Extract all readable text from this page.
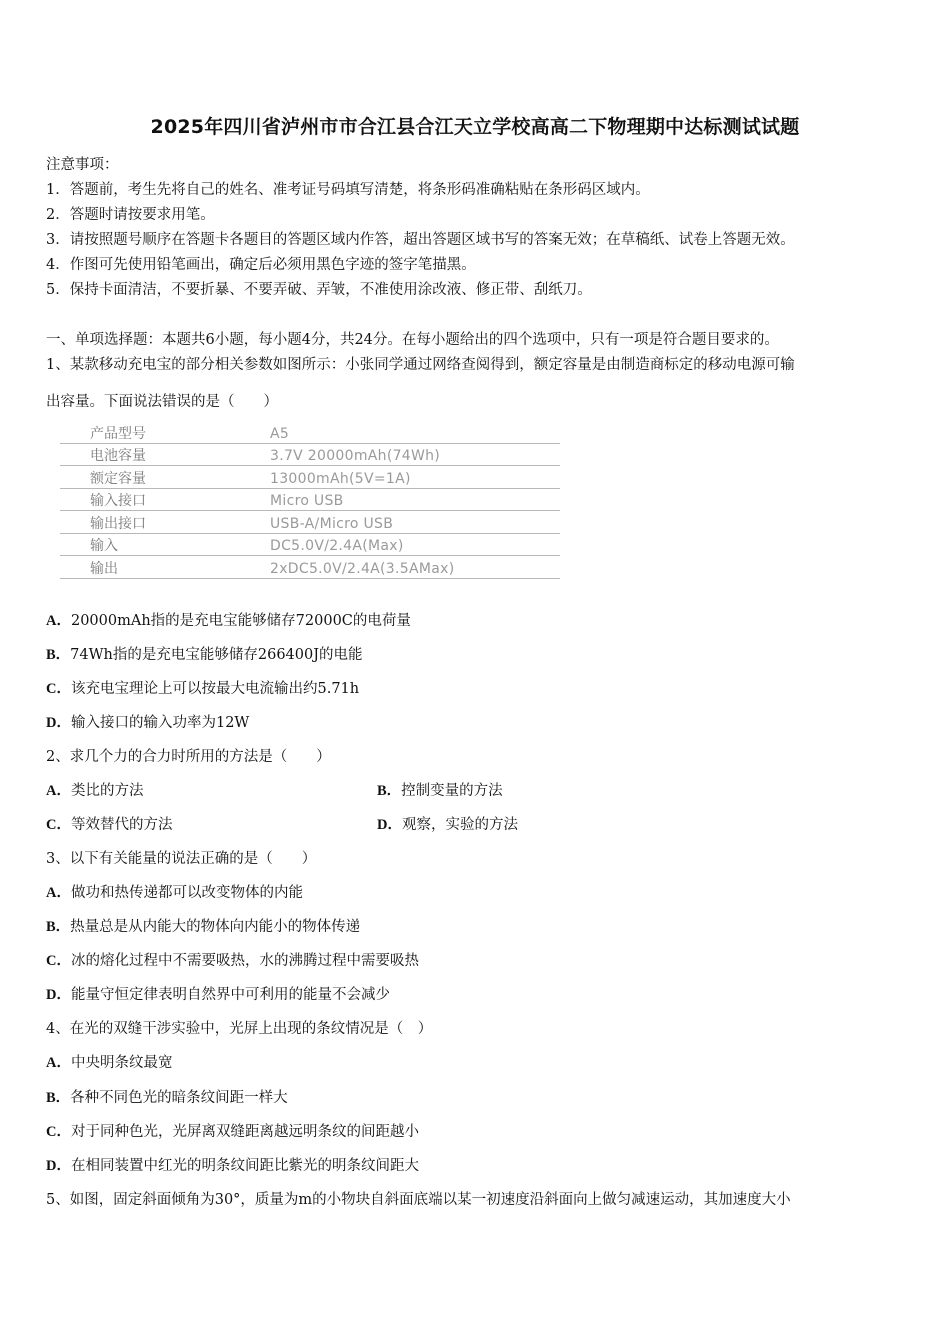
2025年四川省泸州市市合江县合江天立学校高高二下物理期中达标测试试题
注意事项：
1．答题前，考生先将自己的姓名、准考证号码填写清楚，将条形码准确粘贴在条形码区域内。
2．答题时请按要求用笔。
3．请按照题号顺序在答题卡各题目的答题区域内作答，超出答题区域书写的答案无效；在草稿纸、试卷上答题无效。
4．作图可先使用铅笔画出，确定后必须用黑色字迹的签字笔描黑。
5．保持卡面清洁，不要折暴、不要弄破、弄皱，不准使用涂改液、修正带、刮纸刀。
一、单项选择题：本题共6小题，每小题4分，共24分。在每小题给出的四个选项中，只有一项是符合题目要求的。
1、某款移动充电宝的部分相关参数如图所示：小张同学通过网络查阅得到，额定容量是由制造商标定的移动电源可输
出容量。下面说法错误的是（　　）
产品型号	A5
电池容量	3.7V 20000mAh(74Wh)
额定容量	13000mAh(5V=1A)
输入接口	Micro USB
输出接口	USB-A/Micro USB
输入	DC5.0V/2.4A(Max)
输出	2xDC5.0V/2.4A(3.5AMax)
A．20000mAh指的是充电宝能够储存72000C的电荷量
B．74Wh指的是充电宝能够储存266400J的电能
C．该充电宝理论上可以按最大电流输出约5.71h
D．输入接口的输入功率为12W
2、求几个力的合力时所用的方法是（　　）
A．类比的方法	B．控制变量的方法
C．等效替代的方法	D．观察，实验的方法
3、以下有关能量的说法正确的是（　　）
A．做功和热传递都可以改变物体的内能
B．热量总是从内能大的物体向内能小的物体传递
C．冰的熔化过程中不需要吸热，水的沸腾过程中需要吸热
D．能量守恒定律表明自然界中可利用的能量不会减少
4、在光的双缝干涉实验中，光屏上出现的条纹情况是（　）
A．中央明条纹最宽
B．各种不同色光的暗条纹间距一样大
C．对于同种色光，光屏离双缝距离越远明条纹的间距越小
D．在相同装置中红光的明条纹间距比紫光的明条纹间距大
5、如图，固定斜面倾角为30°，质量为m的小物块自斜面底端以某一初速度沿斜面向上做匀减速运动，其加速度大小
